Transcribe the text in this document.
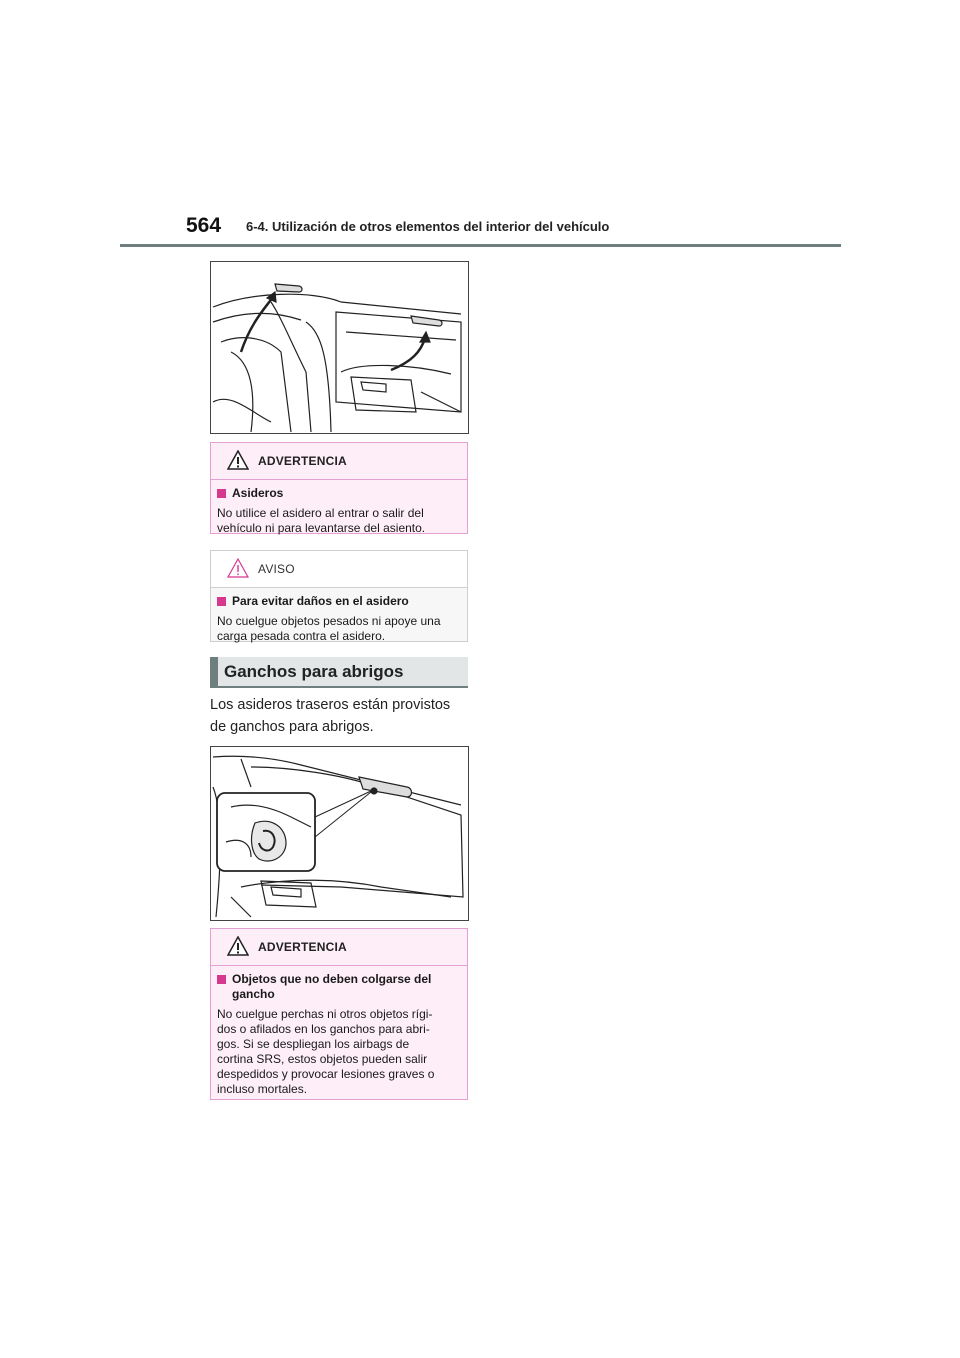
564 6-4. Utilización de otros elementos del interior del vehículo
ADVERTENCIA
Asideros
No utilice el asidero al entrar o salir del
vehículo ni para levantarse del asiento.
AVISO
Para evitar daños en el asidero
No cuelgue objetos pesados ni apoye una
carga pesada contra el asidero.
Ganchos para abrigos
Los asideros traseros están provistos
de ganchos para abrigos.
ADVERTENCIA
Objetos que no deben colgarse del gancho
No cuelgue perchas ni otros objetos rígi-
dos o afilados en los ganchos para abri-
gos. Si se despliegan los airbags de
cortina SRS, estos objetos pueden salir
despedidos y provocar lesiones graves o
incluso mortales.
